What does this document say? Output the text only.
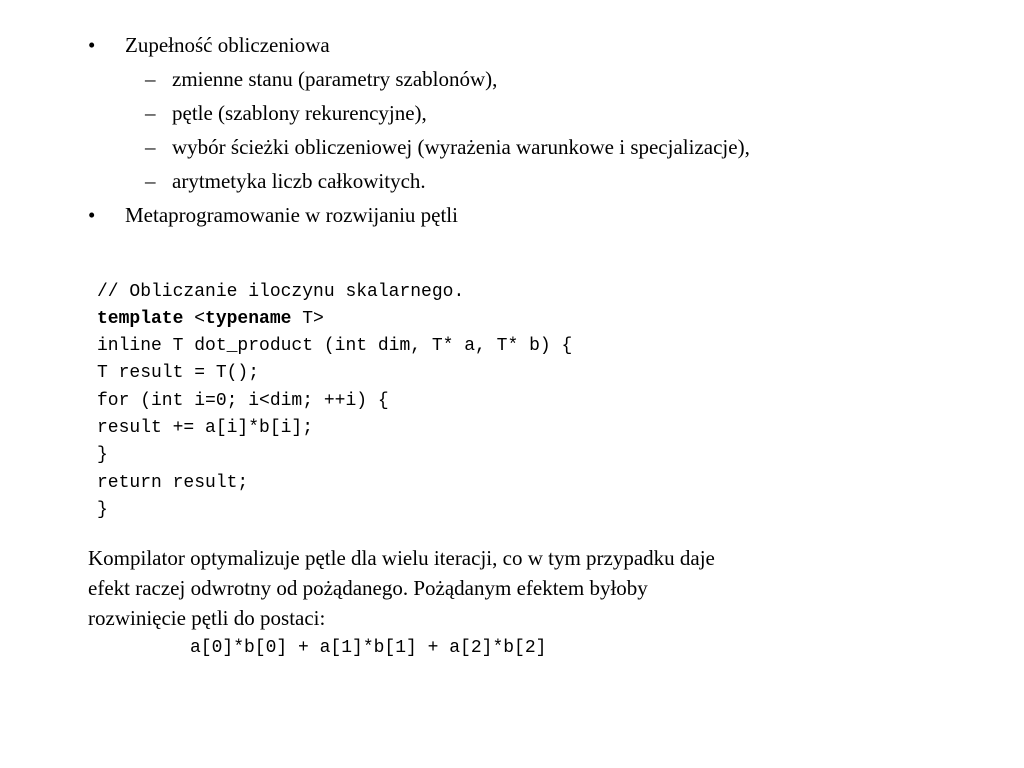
• Zupełność obliczeniowa
– zmienne stanu (parametry szablonów),
– pętle (szablony rekurencyjne),
– wybór ścieżki obliczeniowej (wyrażenia warunkowe i specjalizacje),
– arytmetyka liczb całkowitych.
• Metaprogramowanie w rozwijaniu pętli
// Obliczanie iloczynu skalarnego.
template <typename T>
inline T dot_product (int dim, T* a, T* b) {
T result = T();
for (int i=0; i<dim; ++i) {
result += a[i]*b[i];
}
return result;
}
Kompilator optymalizuje pętle dla wielu iteracji, co w tym przypadku daje
efekt raczej odwrotny od pożądanego. Pożądanym efektem byłoby
rozwinięcie pętli do postaci:
a[0]*b[0] + a[1]*b[1] + a[2]*b[2]
